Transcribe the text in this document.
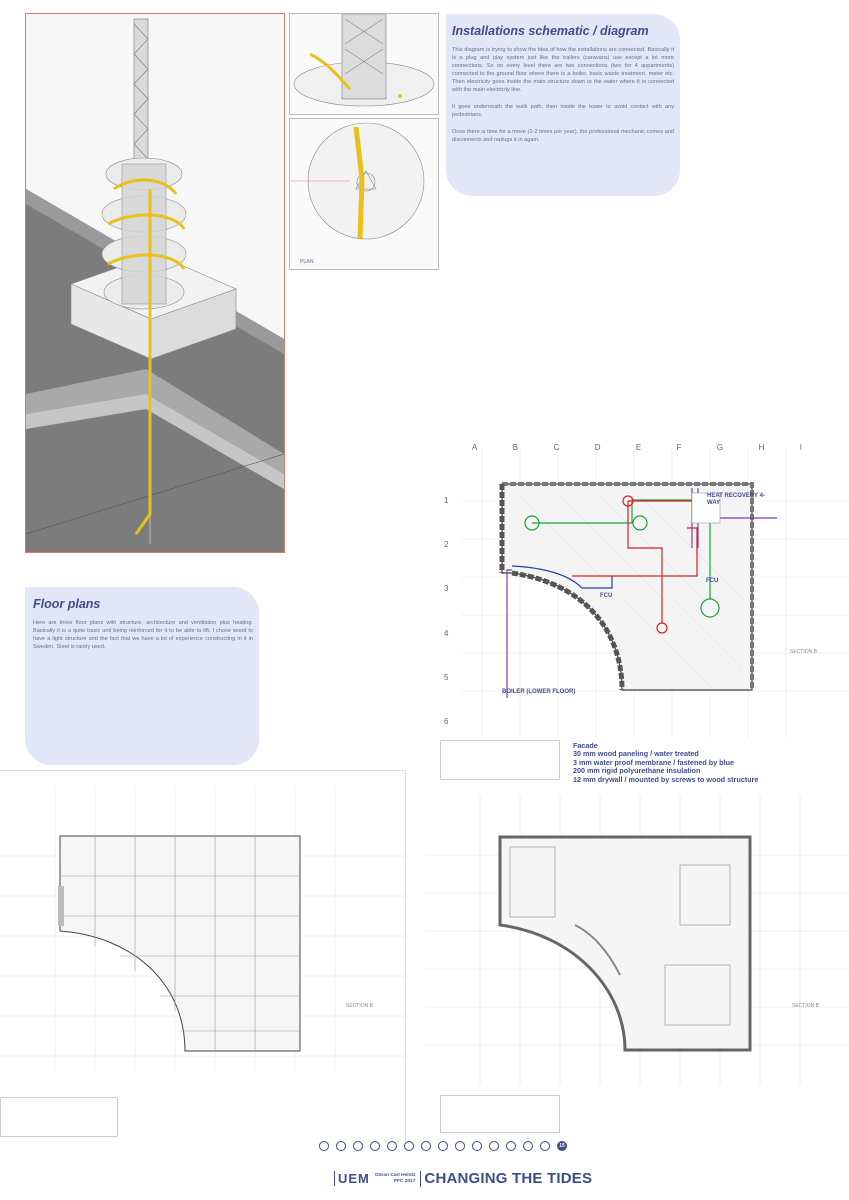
PLAN
Installations schematic / diagram

This diagram is trying to show the idea of how the installations are connected. Basically it is a plug and play system just like the trailers (caravans) use except a lot more connections. So on every level there are two connections (two for 4 appartments) connected to the ground floor where there is a boiler, basic waste treatment, meter etc. Then electricity goes inside the main structure down to the water where it is connected with the main electricity line.

It goes underneath the walk path, then inside the tower to avoid contact with any pedestrians.

Once there is time for a move (1-2 times per year), the professional mechanic comes and disconnects and replugs it in again.

HEAT RECOVERY 4-WAY
FCU
FCU
BOILER (LOWER FLOOR)
SECTION B
A	B	C	D	E	F	G	H	I
1
2
3
4
5
6
Floor plans

Here are three floor plans with structure, architecture and ventilation plus heating. Basically it is a quite basic unit being reinforced for it to be able to lift. I chose wood to have a light structure and the fact that we have a lot of experience constructing in it in Sweden. Steel is rarely used.

Facade
30 mm wood paneling / water treated
3 mm water proof membrane / fastened by blue
200 mm rigid polyurethane insulation
12 mm drywall / mounted by screws to wood structure
SECTION B	SECTION B
15
UEM Göran Carl Heintz
PFC 2017 CHANGING THE TIDES
